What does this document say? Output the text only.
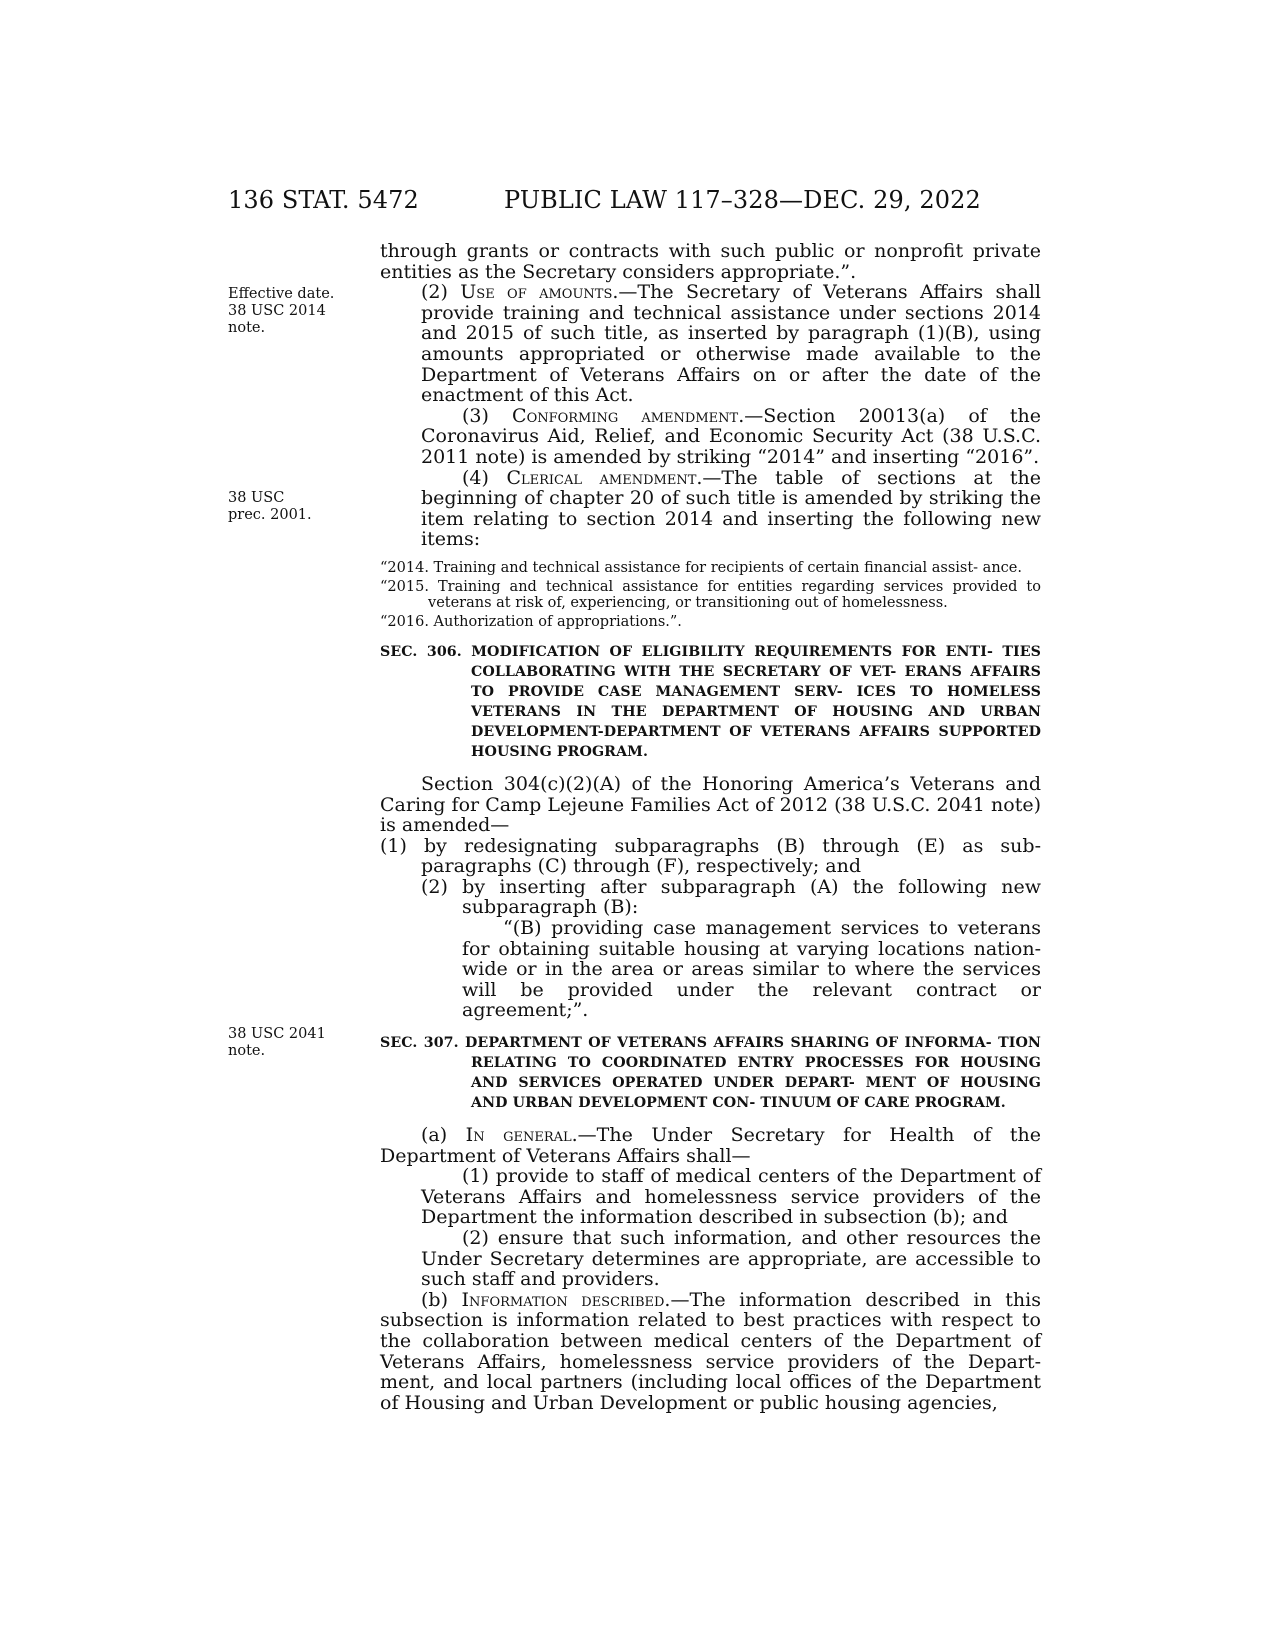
136 STAT. 5472	PUBLIC LAW 117–328—DEC. 29, 2022
Effective date.
38 USC 2014
note.
38 USC
prec. 2001.
38 USC 2041
note.

through grants or contracts with such public or nonprofit private entities as the Secretary considers appropriate.”.

(2) Use of amounts.—The Secretary of Veterans Affairs shall provide training and technical assistance under sections 2014 and 2015 of such title, as inserted by paragraph (1)(B), using amounts appropriated or otherwise made available to the Department of Veterans Affairs on or after the date of the enactment of this Act.

(3) Conforming amendment.—Section 20013(a) of the Coronavirus Aid, Relief, and Economic Security Act (38 U.S.C. 2011 note) is amended by striking “2014” and inserting “2016”.

(4) Clerical amendment.—The table of sections at the beginning of chapter 20 of such title is amended by striking the item relating to section 2014 and inserting the following new items:

“2014. Training and technical assistance for recipients of certain financial assist- ance.
“2015. Training and technical assistance for entities regarding services provided to veterans at risk of, experiencing, or transitioning out of homelessness.
“2016. Authorization of appropriations.”.
SEC. 306. MODIFICATION OF ELIGIBILITY REQUIREMENTS FOR ENTI- TIES COLLABORATING WITH THE SECRETARY OF VET- ERANS AFFAIRS TO PROVIDE CASE MANAGEMENT SERV- ICES TO HOMELESS VETERANS IN THE DEPARTMENT OF HOUSING AND URBAN DEVELOPMENT-DEPARTMENT OF VETERANS AFFAIRS SUPPORTED HOUSING PROGRAM.

Section 304(c)(2)(A) of the Honoring America’s Veterans and Caring for Camp Lejeune Families Act of 2012 (38 U.S.C. 2041 note) is amended—

(1) by redesignating subparagraphs (B) through (E) as sub- paragraphs (C) through (F), respectively; and

(2) by inserting after subparagraph (A) the following new subparagraph (B):

“(B) providing case management services to veterans for obtaining suitable housing at varying locations nation- wide or in the area or areas similar to where the services will be provided under the relevant contract or agreement;”.

SEC. 307. DEPARTMENT OF VETERANS AFFAIRS SHARING OF INFORMA- TION RELATING TO COORDINATED ENTRY PROCESSES FOR HOUSING AND SERVICES OPERATED UNDER DEPART- MENT OF HOUSING AND URBAN DEVELOPMENT CON- TINUUM OF CARE PROGRAM.

(a) In general.—The Under Secretary for Health of the Department of Veterans Affairs shall—

(1) provide to staff of medical centers of the Department of Veterans Affairs and homelessness service providers of the Department the information described in subsection (b); and

(2) ensure that such information, and other resources the Under Secretary determines are appropriate, are accessible to such staff and providers.

(b) Information described.—The information described in this subsection is information related to best practices with respect to the collaboration between medical centers of the Department of Veterans Affairs, homelessness service providers of the Depart- ment, and local partners (including local offices of the Department of Housing and Urban Development or public housing agencies,
